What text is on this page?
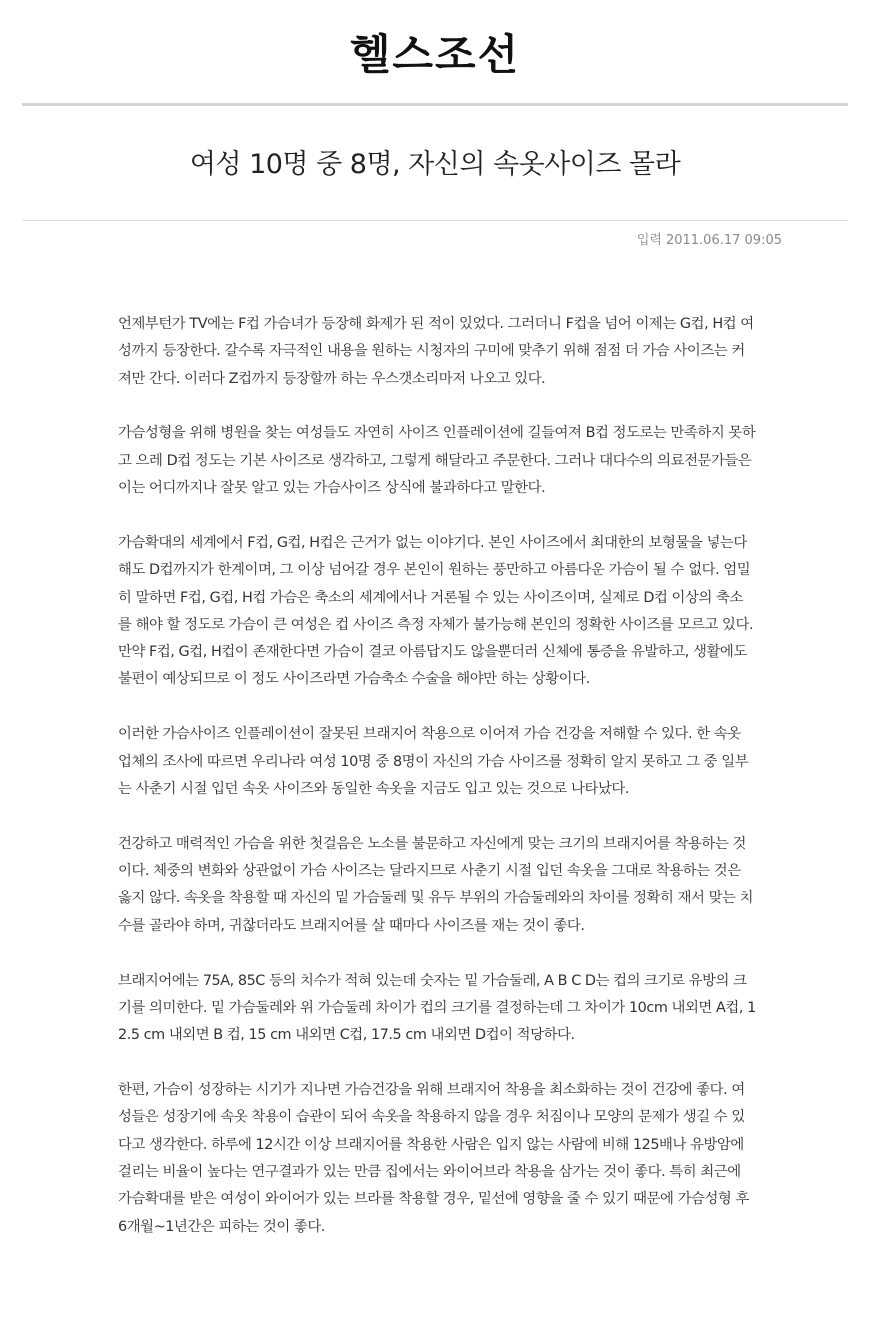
헬스조선
여성 10명 중 8명, 자신의 속옷사이즈 몰라
입력 2011.06.17 09:05

언제부턴가 TV에는 F컵 가슴녀가 등장해 화제가 된 적이 있었다. 그러더니 F컵을 넘어 이제는 G컵, H컵 여성까지 등장한다. 갈수록 자극적인 내용을 원하는 시청자의 구미에 맞추기 위해 점점 더 가슴 사이즈는 커져만 간다. 이러다 Z컵까지 등장할까 하는 우스갯소리마저 나오고 있다.

가슴성형을 위해 병원을 찾는 여성들도 자연히 사이즈 인플레이션에 길들여져 B컵 정도로는 만족하지 못하고 으레 D컵 정도는 기본 사이즈로 생각하고, 그렇게 해달라고 주문한다. 그러나 대다수의 의료전문가들은 이는 어디까지나 잘못 알고 있는 가슴사이즈 상식에 불과하다고 말한다.

가슴확대의 세계에서 F컵, G컵, H컵은 근거가 없는 이야기다. 본인 사이즈에서 최대한의 보형물을 넣는다 해도 D컵까지가 한계이며, 그 이상 넘어갈 경우 본인이 원하는 풍만하고 아름다운 가슴이 될 수 없다. 엄밀히 말하면 F컵, G컵, H컵 가슴은 축소의 세계에서나 거론될 수 있는 사이즈이며, 실제로 D컵 이상의 축소를 해야 할 정도로 가슴이 큰 여성은 컵 사이즈 측정 자체가 불가능해 본인의 정확한 사이즈를 모르고 있다. 만약 F컵, G컵, H컵이 존재한다면 가슴이 결코 아름답지도 않을뿐더러 신체에 통증을 유발하고, 생활에도 불편이 예상되므로 이 정도 사이즈라면 가슴축소 수술을 해야만 하는 상황이다.

이러한 가슴사이즈 인플레이션이 잘못된 브래지어 착용으로 이어져 가슴 건강을 저해할 수 있다. 한 속옷 업체의 조사에 따르면 우리나라 여성 10명 중 8명이 자신의 가슴 사이즈를 정확히 알지 못하고 그 중 일부는 사춘기 시절 입던 속옷 사이즈와 동일한 속옷을 지금도 입고 있는 것으로 나타났다.

건강하고 매력적인 가슴을 위한 첫걸음은 노소를 불문하고 자신에게 맞는 크기의 브래지어를 착용하는 것이다. 체중의 변화와 상관없이 가슴 사이즈는 달라지므로 사춘기 시절 입던 속옷을 그대로 착용하는 것은 옳지 않다. 속옷을 착용할 때 자신의 밑 가슴둘레 및 유두 부위의 가슴둘레와의 차이를 정확히 재서 맞는 치수를 골라야 하며, 귀찮더라도 브래지어를 살 때마다 사이즈를 재는 것이 좋다.

브래지어에는 75A, 85C 등의 치수가 적혀 있는데 숫자는 밑 가슴둘레, A B C D는 컵의 크기로 유방의 크기를 의미한다. 밑 가슴둘레와 위 가슴둘레 차이가 컵의 크기를 결정하는데 그 차이가 10cm 내외면 A컵, 12.5 cm 내외면 B 컵, 15 cm 내외면 C컵, 17.5 cm 내외면 D컵이 적당하다.

한편, 가슴이 성장하는 시기가 지나면 가슴건강을 위해 브래지어 착용을 최소화하는 것이 건강에 좋다. 여성들은 성장기에 속옷 착용이 습관이 되어 속옷을 착용하지 않을 경우 처짐이나 모양의 문제가 생길 수 있다고 생각한다. 하루에 12시간 이상 브래지어를 착용한 사람은 입지 않는 사람에 비해 125배나 유방암에 걸리는 비율이 높다는 연구결과가 있는 만큼 집에서는 와이어브라 착용을 삼가는 것이 좋다. 특히 최근에 가슴확대를 받은 여성이 와이어가 있는 브라를 착용할 경우, 밑선에 영향을 줄 수 있기 때문에 가슴성형 후 6개월~1년간은 피하는 것이 좋다.
